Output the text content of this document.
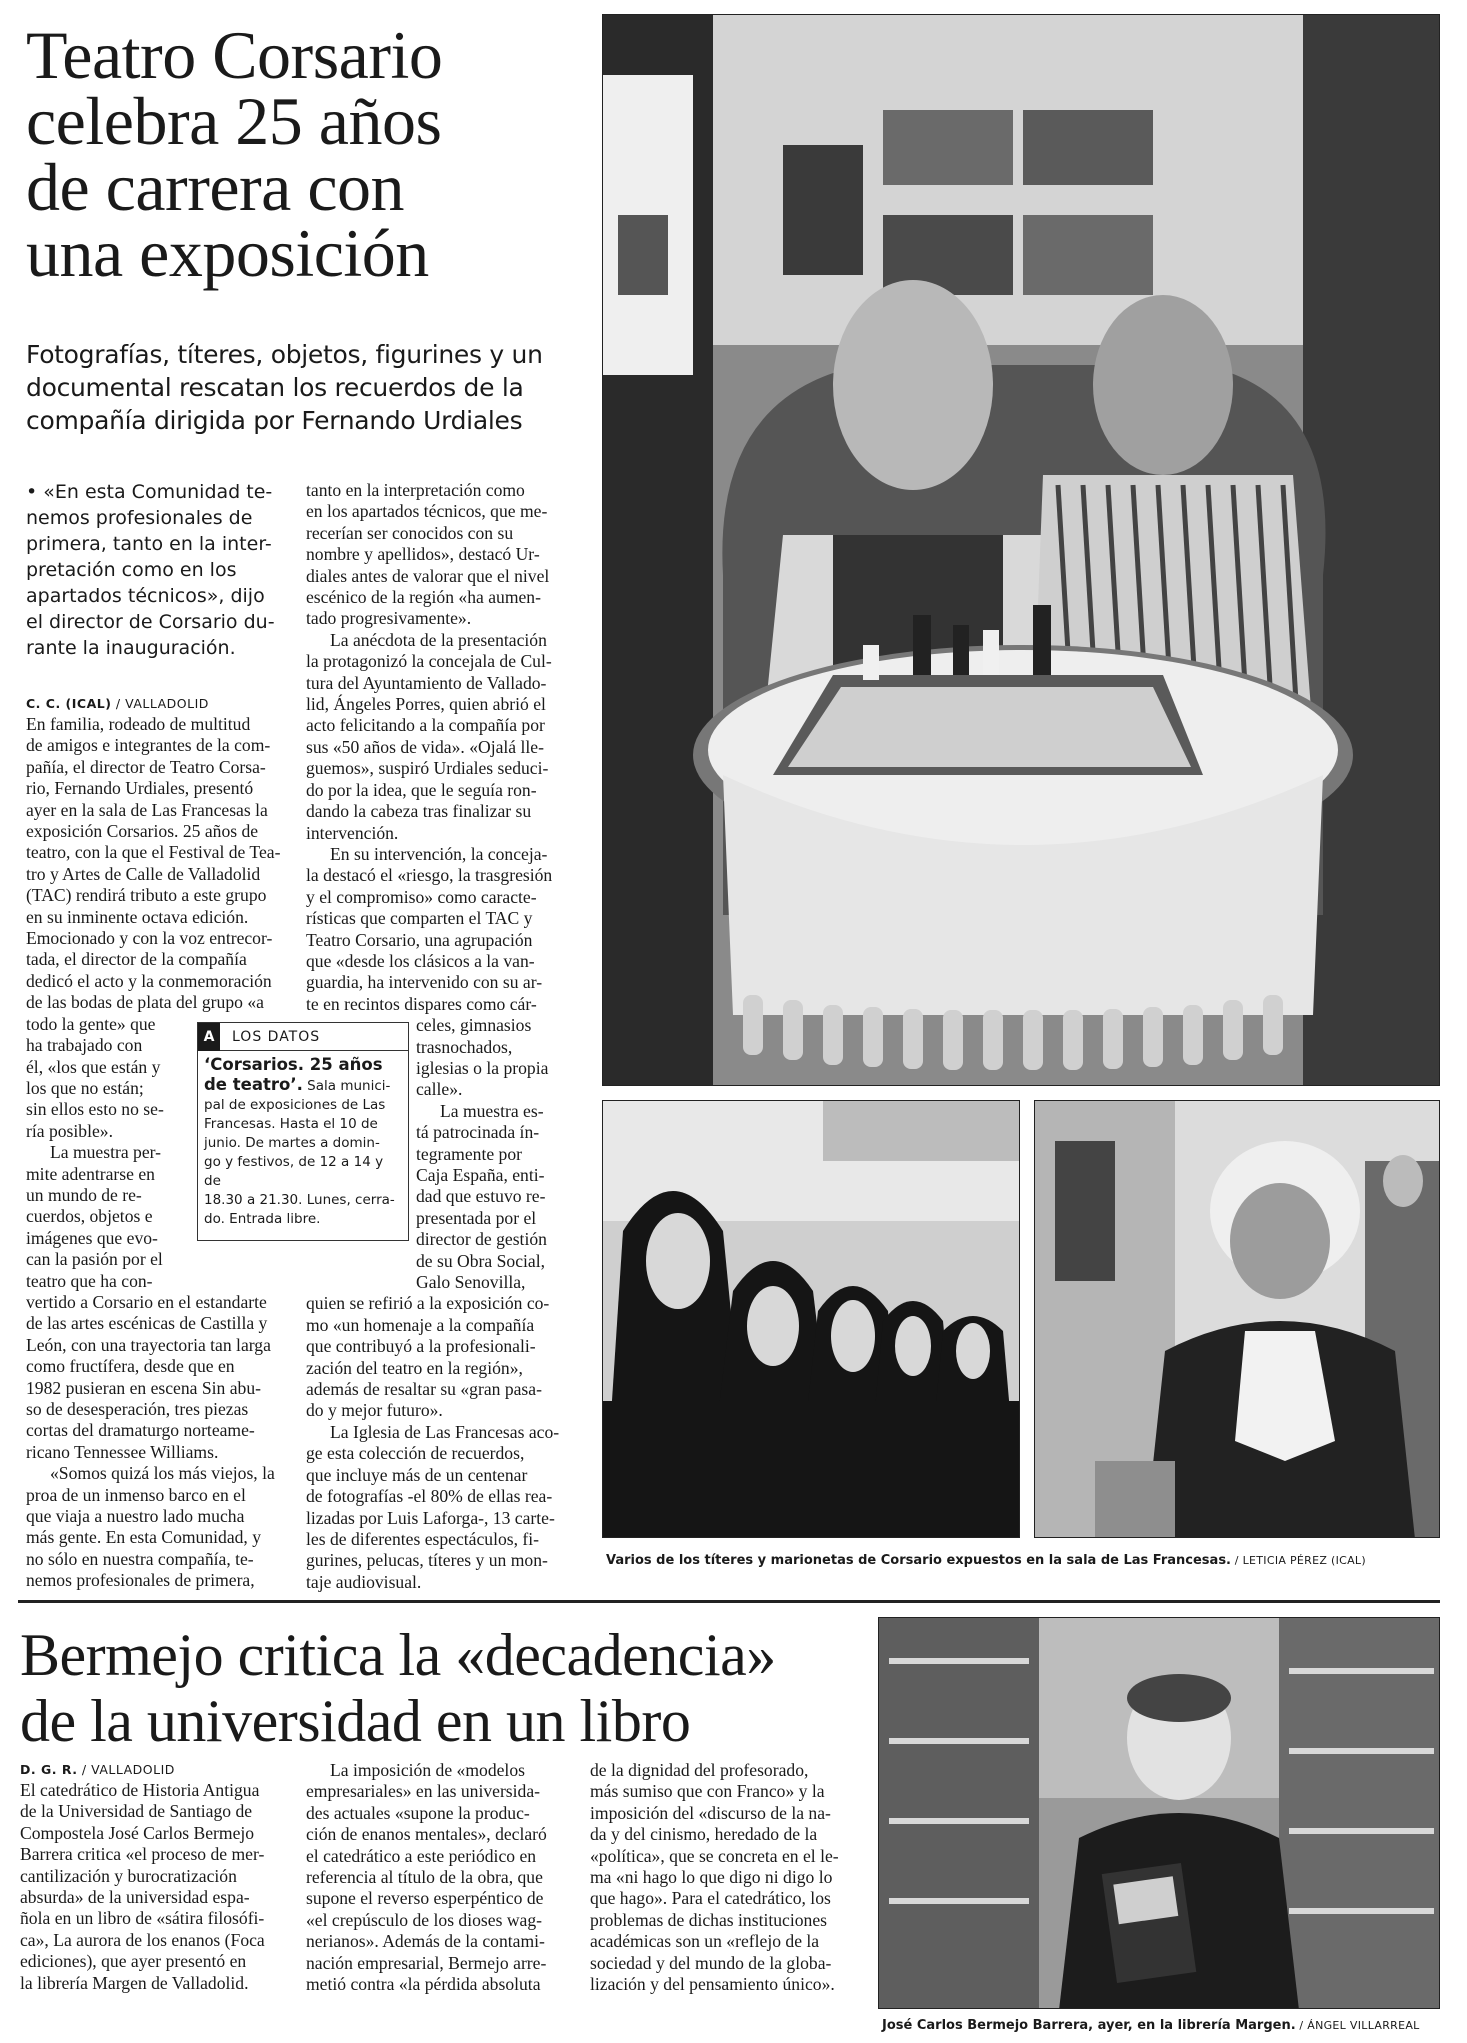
Teatro Corsario
celebra 25 años
de carrera con
una exposición
Fotografías, títeres, objetos, figurines y un
documental rescatan los recuerdos de la
compañía dirigida por Fernando Urdiales
• «En esta Comunidad te-
nemos profesionales de
primera, tanto en la inter-
pretación como en los
apartados técnicos», dijo
el director de Corsario du-
rante la inauguración.
C. C. (ICAL) / VALLADOLID
En familia, rodeado de multitud
de amigos e integrantes de la com-
pañía, el director de Teatro Corsa-
rio, Fernando Urdiales, presentó
ayer en la sala de Las Francesas la
exposición Corsarios. 25 años de
teatro, con la que el Festival de Tea-
tro y Artes de Calle de Valladolid
(TAC) rendirá tributo a este grupo
en su inminente octava edición.
Emocionado y con la voz entrecor-
tada, el director de la compañía
dedicó el acto y la conmemoración
de las bodas de plata del grupo «a
todo la gente» que
ha trabajado con
él, «los que están y
los que no están;
sin ellos esto no se-
ría posible».
La muestra per-
mite adentrarse en
un mundo de re-
cuerdos, objetos e
imágenes que evo-
can la pasión por el
teatro que ha con-
vertido a Corsario en el estandarte
de las artes escénicas de Castilla y
León, con una trayectoria tan larga
como fructífera, desde que en
1982 pusieran en escena Sin abu-
so de desesperación, tres piezas
cortas del dramaturgo norteame-
ricano Tennessee Williams.
«Somos quizá los más viejos, la
proa de un inmenso barco en el
que viaja a nuestro lado mucha
más gente. En esta Comunidad, y
no sólo en nuestra compañía, te-
nemos profesionales de primera,
tanto en la interpretación como
en los apartados técnicos, que me-
recerían ser conocidos con su
nombre y apellidos», destacó Ur-
diales antes de valorar que el nivel
escénico de la región «ha aumen-
tado progresivamente».
La anécdota de la presentación
la protagonizó la concejala de Cul-
tura del Ayuntamiento de Vallado-
lid, Ángeles Porres, quien abrió el
acto felicitando a la compañía por
sus «50 años de vida». «Ojalá lle-
guemos», suspiró Urdiales seduci-
do por la idea, que le seguía ron-
dando la cabeza tras finalizar su
intervención.
En su intervención, la conceja-
la destacó el «riesgo, la trasgresión
y el compromiso» como caracte-
rísticas que comparten el TAC y
Teatro Corsario, una agrupación
que «desde los clásicos a la van-
guardia, ha intervenido con su ar-
te en recintos dispares como cár-
celes, gimnasios
trasnochados,
iglesias o la propia
calle».
La muestra es-
tá patrocinada ín-
tegramente por
Caja España, enti-
dad que estuvo re-
presentada por el
director de gestión
de su Obra Social,
Galo Senovilla,
quien se refirió a la exposición co-
mo «un homenaje a la compañía
que contribuyó a la profesionali-
zación del teatro en la región»,
además de resaltar su «gran pasa-
do y mejor futuro».
La Iglesia de Las Francesas aco-
ge esta colección de recuerdos,
que incluye más de un centenar
de fotografías -el 80% de ellas rea-
lizadas por Luis Laforga-, 13 carte-
les de diferentes espectáculos, fi-
gurines, pelucas, títeres y un mon-
taje audiovisual.
A	LOS DATOS
‘Corsarios. 25 años
de teatro’. Sala munici-
pal de exposiciones de Las
Francesas. Hasta el 10 de
junio. De martes a domin-
go y festivos, de 12 a 14 y de
18.30 a 21.30. Lunes, cerra-
do. Entrada libre.
Varios de los títeres y marionetas de Corsario expuestos en la sala de Las Francesas. / LETICIA PÉREZ (ICAL)
Bermejo critica la «decadencia»
de la universidad en un libro
D. G. R. / VALLADOLID
El catedrático de Historia Antigua
de la Universidad de Santiago de
Compostela José Carlos Bermejo
Barrera critica «el proceso de mer-
cantilización y burocratización
absurda» de la universidad espa-
ñola en un libro de «sátira filosófi-
ca», La aurora de los enanos (Foca
ediciones), que ayer presentó en
la librería Margen de Valladolid.
La imposición de «modelos
empresariales» en las universida-
des actuales «supone la produc-
ción de enanos mentales», declaró
el catedrático a este periódico en
referencia al título de la obra, que
supone el reverso esperpéntico de
«el crepúsculo de los dioses wag-
nerianos». Además de la contami-
nación empresarial, Bermejo arre-
metió contra «la pérdida absoluta
de la dignidad del profesorado,
más sumiso que con Franco» y la
imposición del «discurso de la na-
da y del cinismo, heredado de la
«política», que se concreta en el le-
ma «ni hago lo que digo ni digo lo
que hago». Para el catedrático, los
problemas de dichas instituciones
académicas son un «reflejo de la
sociedad y del mundo de la globa-
lización y del pensamiento único».
José Carlos Bermejo Barrera, ayer, en la librería Margen. / ÁNGEL VILLARREAL
